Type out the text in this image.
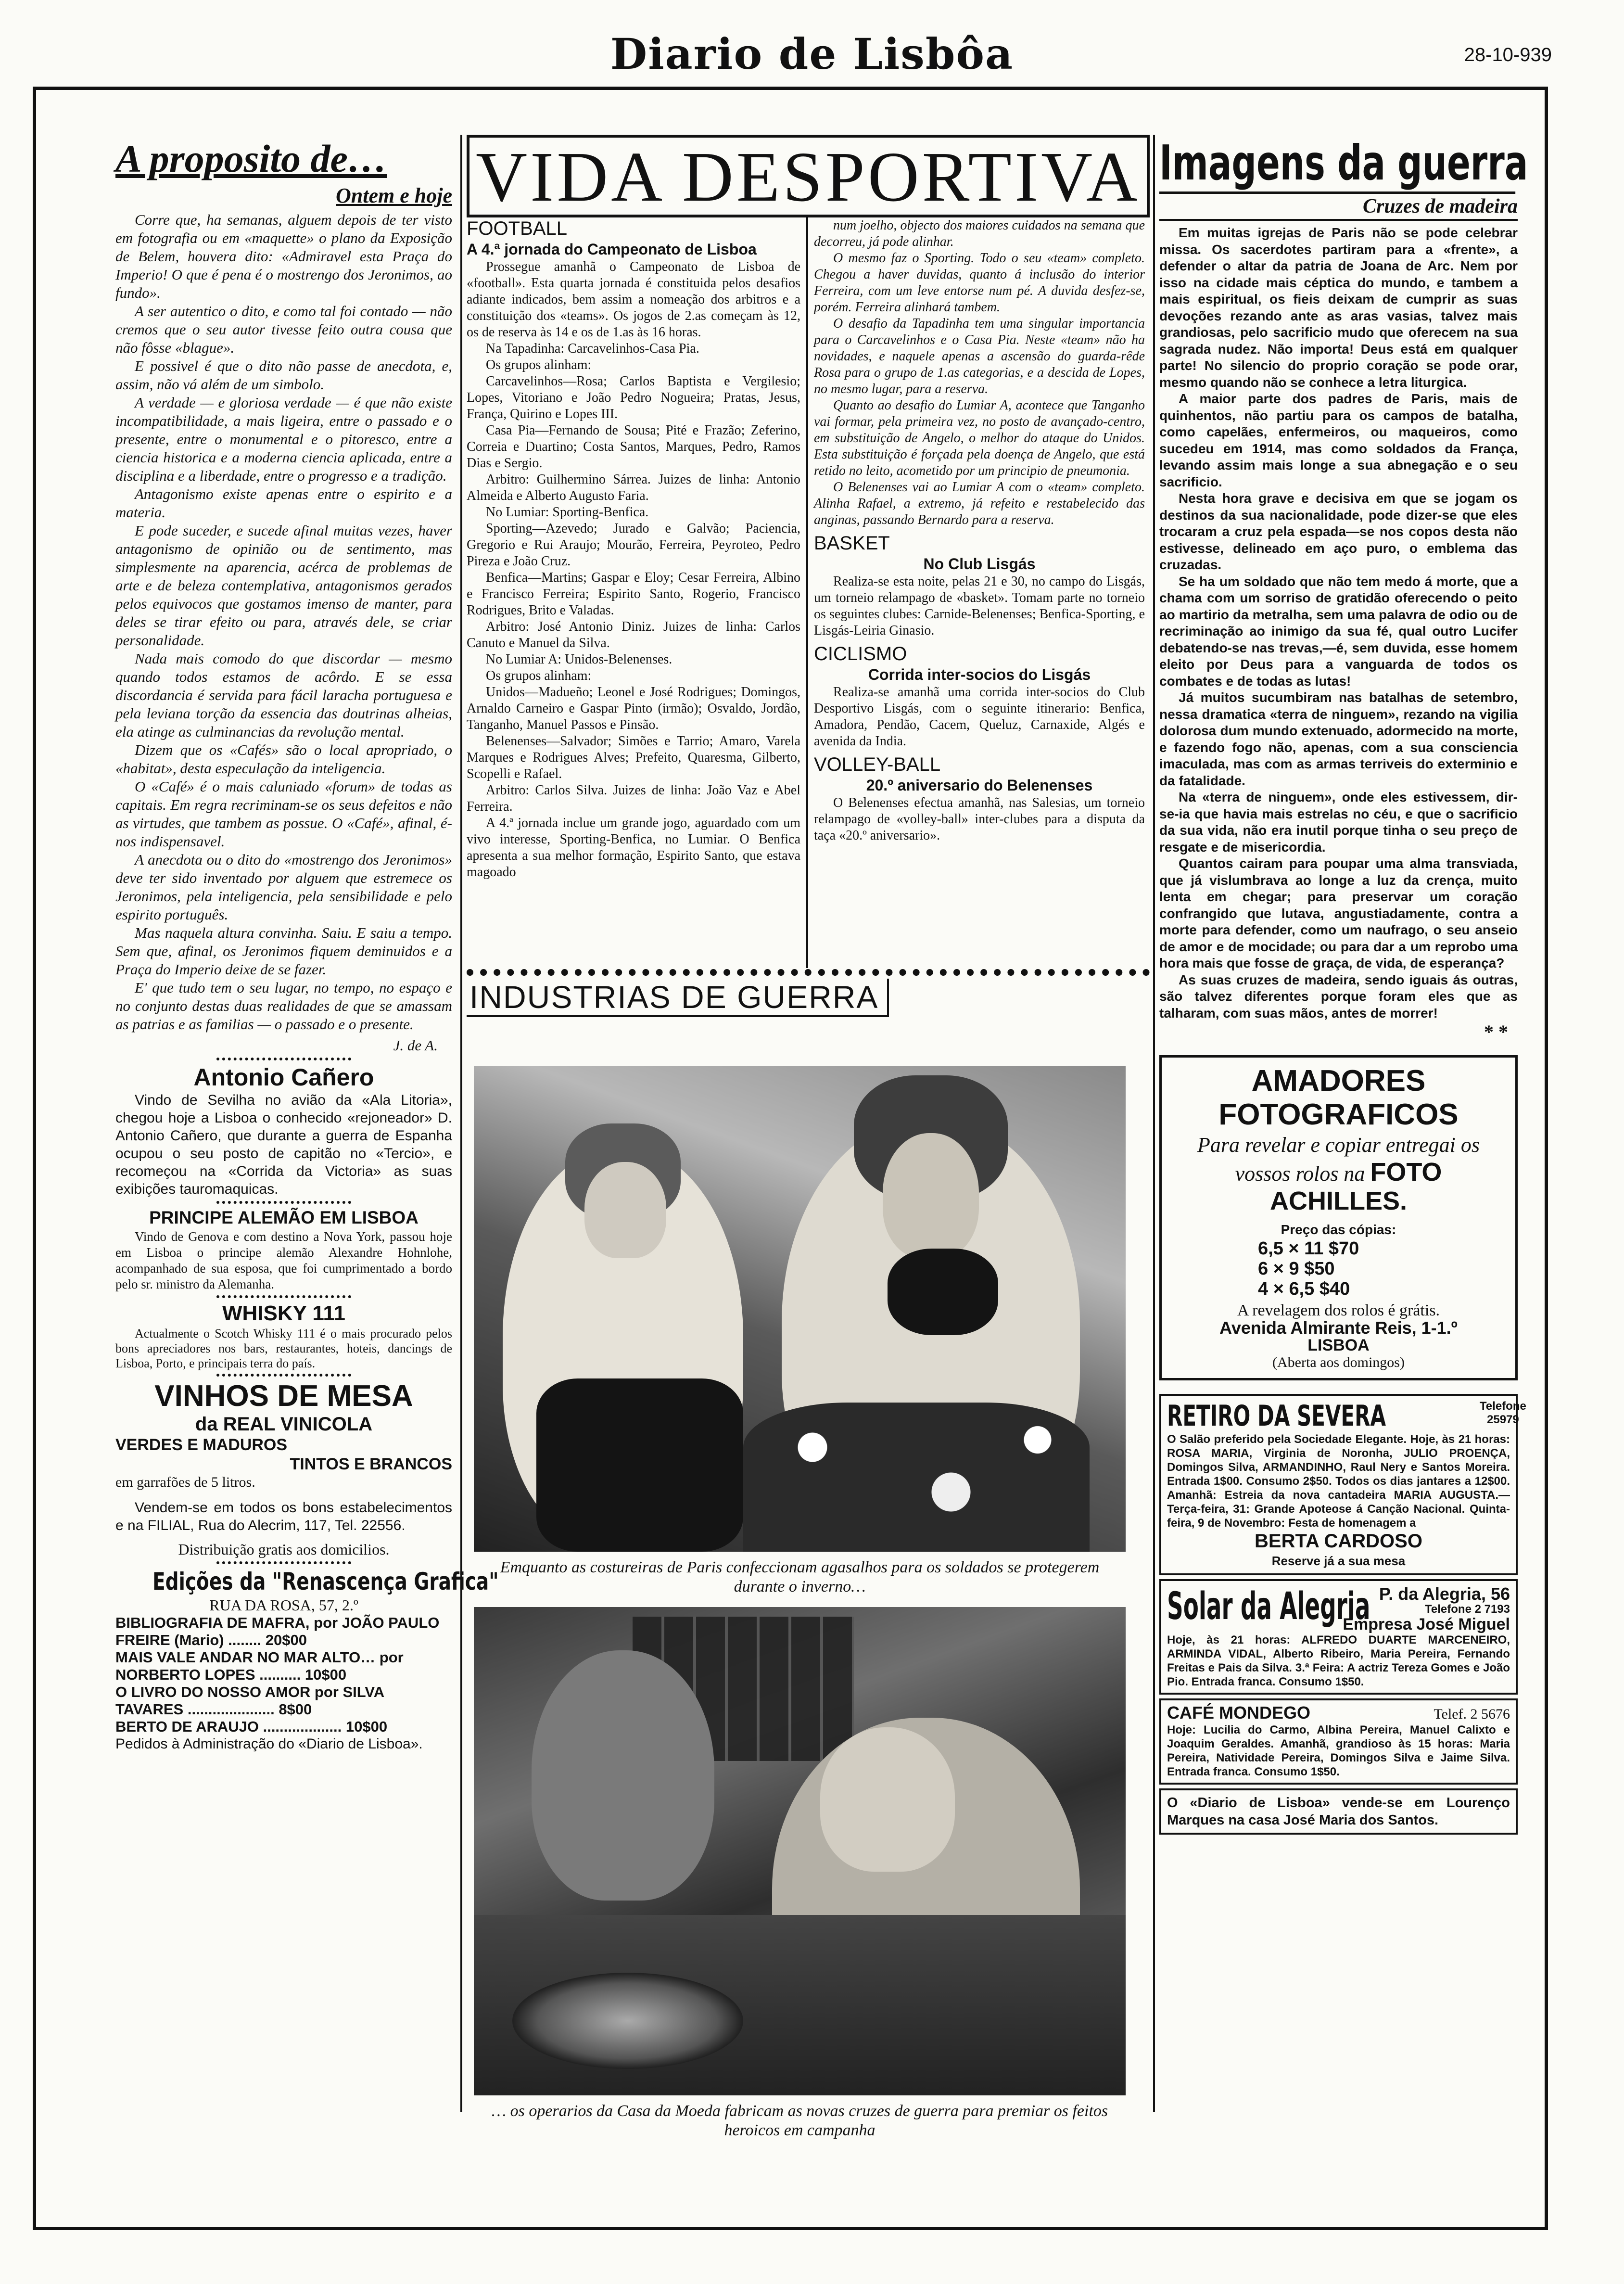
Diario de Lisbôa	28-10-939
A proposito de…
Ontem e hoje

Corre que, ha semanas, alguem depois de ter visto em fotografia ou em «maquette» o plano da Exposição de Belem, houvera dito: «Admiravel esta Praça do Imperio! O que é pena é o mostrengo dos Jeronimos, ao fundo».

A ser autentico o dito, e como tal foi contado — não cremos que o seu autor tivesse feito outra cousa que não fôsse «blague».

E possivel é que o dito não passe de anecdota, e, assim, não vá além de um simbolo.

A verdade — e gloriosa verdade — é que não existe incompatibilidade, a mais ligeira, entre o passado e o presente, entre o monumental e o pitoresco, entre a ciencia historica e a moderna ciencia aplicada, entre a disciplina e a liberdade, entre o progresso e a tradição.

Antagonismo existe apenas entre o espirito e a materia.

E pode suceder, e sucede afinal muitas vezes, haver antagonismo de opinião ou de sentimento, mas simplesmente na aparencia, acérca de problemas de arte e de beleza contemplativa, antagonismos gerados pelos equivocos que gostamos imenso de manter, para deles se tirar efeito ou para, através dele, se criar personalidade.

Nada mais comodo do que discordar — mesmo quando todos estamos de acôrdo. E se essa discordancia é servida para fácil laracha portuguesa e pela leviana torção da essencia das doutrinas alheias, ela atinge as culminancias da revolução mental.

Dizem que os «Cafés» são o local apropriado, o «habitat», desta especulação da inteligencia.

O «Café» é o mais caluniado «forum» de todas as capitais. Em regra recriminam-se os seus defeitos e não as virtudes, que tambem as possue. O «Café», afinal, é-nos indispensavel.

A anecdota ou o dito do «mostrengo dos Jeronimos» deve ter sido inventado por alguem que estremece os Jeronimos, pela inteligencia, pela sensibilidade e pelo espirito português.

Mas naquela altura convinha. Saiu. E saiu a tempo. Sem que, afinal, os Jeronimos fiquem deminuidos e a Praça do Imperio deixe de se fazer.

E' que tudo tem o seu lugar, no tempo, no espaço e no conjunto destas duas realidades de que se amassam as patrias e as familias — o passado e o presente.

J. de A.
Antonio Cañero

Vindo de Sevilha no avião da «Ala Litoria», chegou hoje a Lisboa o conhecido «rejoneador» D. Antonio Cañero, que durante a guerra de Espanha ocupou o seu posto de capitão no «Tercio», e recomeçou na «Corrida da Victoria» as suas exibições tauromaquicas.

PRINCIPE ALEMÃO EM LISBOA

Vindo de Genova e com destino a Nova York, passou hoje em Lisboa o principe alemão Alexandre Hohnlohe, acompanhado de sua esposa, que foi cumprimentado a bordo pelo sr. ministro da Alemanha.

WHISKY 111

Actualmente o Scotch Whisky 111 é o mais procurado pelos bons apreciadores nos bars, restaurantes, hoteis, dancings de Lisboa, Porto, e principais terra do país.

VINHOS DE MESA
da REAL VINICOLA
VERDES E MADUROS
TINTOS E BRANCOS
em garrafões de 5 litros.

Vendem-se em todos os bons estabelecimentos e na FILIAL, Rua do Alecrim, 117, Tel. 22556.

Distribuição gratis aos domicilios.
Edições da "Renascença Grafica"
RUA DA ROSA, 57, 2.º
BIBLIOGRAFIA DE MAFRA, por JOÃO PAULO FREIRE (Mario) ........ 20$00
MAIS VALE ANDAR NO MAR ALTO… por NORBERTO LOPES .......... 10$00
O LIVRO DO NOSSO AMOR por SILVA TAVARES ..................... 8$00
BERTO DE ARAUJO ................... 10$00
Pedidos à Administração do «Diario de Lisboa».
VIDA DESPORTIVA
FOOTBALL
A 4.ª jornada do Campeonato de Lisboa

Prossegue amanhã o Campeonato de Lisboa de «football». Esta quarta jornada é constituida pelos desafios adiante indicados, bem assim a nomeação dos arbitros e a constituição dos «teams». Os jogos de 2.as começam às 12, os de reserva às 14 e os de 1.as às 16 horas.

Na Tapadinha: Carcavelinhos-Casa Pia.

Os grupos alinham:

Carcavelinhos—Rosa; Carlos Baptista e Vergilesio; Lopes, Vitoriano e João Pedro Nogueira; Pratas, Jesus, França, Quirino e Lopes III.

Casa Pia—Fernando de Sousa; Pité e Frazão; Zeferino, Correia e Duartino; Costa Santos, Marques, Pedro, Ramos Dias e Sergio.

Arbitro: Guilhermino Sárrea. Juizes de linha: Antonio Almeida e Alberto Augusto Faria.

No Lumiar: Sporting-Benfica.

Sporting—Azevedo; Jurado e Galvão; Paciencia, Gregorio e Rui Araujo; Mourão, Ferreira, Peyroteo, Pedro Pireza e João Cruz.

Benfica—Martins; Gaspar e Eloy; Cesar Ferreira, Albino e Francisco Ferreira; Espirito Santo, Rogerio, Francisco Rodrigues, Brito e Valadas.

Arbitro: José Antonio Diniz. Juizes de linha: Carlos Canuto e Manuel da Silva.

No Lumiar A: Unidos-Belenenses.

Os grupos alinham:

Unidos—Madueño; Leonel e José Rodrigues; Domingos, Arnaldo Carneiro e Gaspar Pinto (irmão); Osvaldo, Jordão, Tanganho, Manuel Passos e Pinsão.

Belenenses—Salvador; Simões e Tarrio; Amaro, Varela Marques e Rodrigues Alves; Prefeito, Quaresma, Gilberto, Scopelli e Rafael.

Arbitro: Carlos Silva. Juizes de linha: João Vaz e Abel Ferreira.

A 4.ª jornada inclue um grande jogo, aguardado com um vivo interesse, Sporting-Benfica, no Lumiar. O Benfica apresenta a sua melhor formação, Espirito Santo, que estava magoado

num joelho, objecto dos maiores cuidados na semana que decorreu, já pode alinhar.

O mesmo faz o Sporting. Todo o seu «team» completo. Chegou a haver duvidas, quanto á inclusão do interior Ferreira, com um leve entorse num pé. A duvida desfez-se, porém. Ferreira alinhará tambem.

O desafio da Tapadinha tem uma singular importancia para o Carcavelinhos e o Casa Pia. Neste «team» não ha novidades, e naquele apenas a ascensão do guarda-rêde Rosa para o grupo de 1.as categorias, e a descida de Lopes, no mesmo lugar, para a reserva.

Quanto ao desafio do Lumiar A, acontece que Tanganho vai formar, pela primeira vez, no posto de avançado-centro, em substituição de Angelo, o melhor do ataque do Unidos. Esta substituição é forçada pela doença de Angelo, que está retido no leito, acometido por um principio de pneumonia.

O Belenenses vai ao Lumiar A com o «team» completo. Alinha Rafael, a extremo, já refeito e restabelecido das anginas, passando Bernardo para a reserva.

BASKET
No Club Lisgás

Realiza-se esta noite, pelas 21 e 30, no campo do Lisgás, um torneio relampago de «basket». Tomam parte no torneio os seguintes clubes: Carnide-Belenenses; Benfica-Sporting, e Lisgás-Leiria Ginasio.

CICLISMO
Corrida inter-socios do Lisgás

Realiza-se amanhã uma corrida inter-socios do Club Desportivo Lisgás, com o seguinte itinerario: Benfica, Amadora, Pendão, Cacem, Queluz, Carnaxide, Algés e avenida da India.

VOLLEY-BALL
20.º aniversario do Belenenses

O Belenenses efectua amanhã, nas Salesias, um torneio relampago de «volley-ball» inter-clubes para a disputa da taça «20.º aniversario».

INDUSTRIAS DE GUERRA
Emquanto as costureiras de Paris confeccionam agasalhos para os soldados se protegerem durante o inverno…
… os operarios da Casa da Moeda fabricam as novas cruzes de guerra para premiar os feitos heroicos em campanha
Imagens da guerra
Cruzes de madeira

Em muitas igrejas de Paris não se pode celebrar missa. Os sacerdotes partiram para a «frente», a defender o altar da patria de Joana de Arc. Nem por isso na cidade mais céptica do mundo, e tambem a mais espiritual, os fieis deixam de cumprir as suas devoções rezando ante as aras vasias, talvez mais grandiosas, pelo sacrificio mudo que oferecem na sua sagrada nudez. Não importa! Deus está em qualquer parte! No silencio do proprio coração se pode orar, mesmo quando não se conhece a letra liturgica.

A maior parte dos padres de Paris, mais de quinhentos, não partiu para os campos de batalha, como capelães, enfermeiros, ou maqueiros, como sucedeu em 1914, mas como soldados da França, levando assim mais longe a sua abnegação e o seu sacrificio.

Nesta hora grave e decisiva em que se jogam os destinos da sua nacionalidade, pode dizer-se que eles trocaram a cruz pela espada—se nos copos desta não estivesse, delineado em aço puro, o emblema das cruzadas.

Se ha um soldado que não tem medo á morte, que a chama com um sorriso de gratidão oferecendo o peito ao martirio da metralha, sem uma palavra de odio ou de recriminação ao inimigo da sua fé, qual outro Lucifer debatendo-se nas trevas,—é, sem duvida, esse homem eleito por Deus para a vanguarda de todos os combates e de todas as lutas!

Já muitos sucumbiram nas batalhas de setembro, nessa dramatica «terra de ninguem», rezando na vigilia dolorosa dum mundo extenuado, adormecido na morte, e fazendo fogo não, apenas, com a sua consciencia imaculada, mas com as armas terriveis do exterminio e da fatalidade.

Na «terra de ninguem», onde eles estivessem, dir-se-ia que havia mais estrelas no céu, e que o sacrificio da sua vida, não era inutil porque tinha o seu preço de resgate e de misericordia.

Quantos cairam para poupar uma alma transviada, que já vislumbrava ao longe a luz da crença, muito lenta em chegar; para preservar um coração confrangido que lutava, angustiadamente, contra a morte para defender, como um naufrago, o seu anseio de amor e de mocidade; ou para dar a um reprobo uma hora mais que fosse de graça, de vida, de esperança?

As suas cruzes de madeira, sendo iguais ás outras, são talvez diferentes porque foram eles que as talharam, com suas mãos, antes de morrer!

* *
AMADORES
FOTOGRAFICOS
Para revelar e copiar entregai os vossos rolos na FOTO ACHILLES.
Preço das cópias:
6,5 × 11 $70
6 × 9 $50
4 × 6,5 $40
A revelagem dos rolos é grátis.
Avenida Almirante Reis, 1-1.º
LISBOA
(Aberta aos domingos)
RETIRO DA SEVERA	Telefone 25979
O Salão preferido pela Sociedade Elegante. Hoje, às 21 horas: ROSA MARIA, Virginia de Noronha, JULIO PROENÇA, Domingos Silva, ARMANDINHO, Raul Nery e Santos Moreira. Entrada 1$00. Consumo 2$50. Todos os dias jantares a 12$00. Amanhã: Estreia da nova cantadeira MARIA AUGUSTA.—Terça-feira, 31: Grande Apoteose á Canção Nacional. Quinta-feira, 9 de Novembro: Festa de homenagem a
BERTA CARDOSO
Reserve já a sua mesa
Solar da Alegria P. da Alegria, 56
Telefone 2 7193
Empresa José Miguel
Hoje, às 21 horas: ALFREDO DUARTE MARCENEIRO, ARMINDA VIDAL, Alberto Ribeiro, Maria Pereira, Fernando Freitas e Pais da Silva. 3.ª Feira: A actriz Tereza Gomes e João Pio. Entrada franca. Consumo 1$50.
CAFÉ MONDEGO	Telef. 2 5676
Hoje: Lucilia do Carmo, Albina Pereira, Manuel Calixto e Joaquim Geraldes. Amanhã, grandioso às 15 horas: Maria Pereira, Natividade Pereira, Domingos Silva e Jaime Silva. Entrada franca. Consumo 1$50.
O «Diario de Lisboa» vende-se em Lourenço Marques na casa José Maria dos Santos.
